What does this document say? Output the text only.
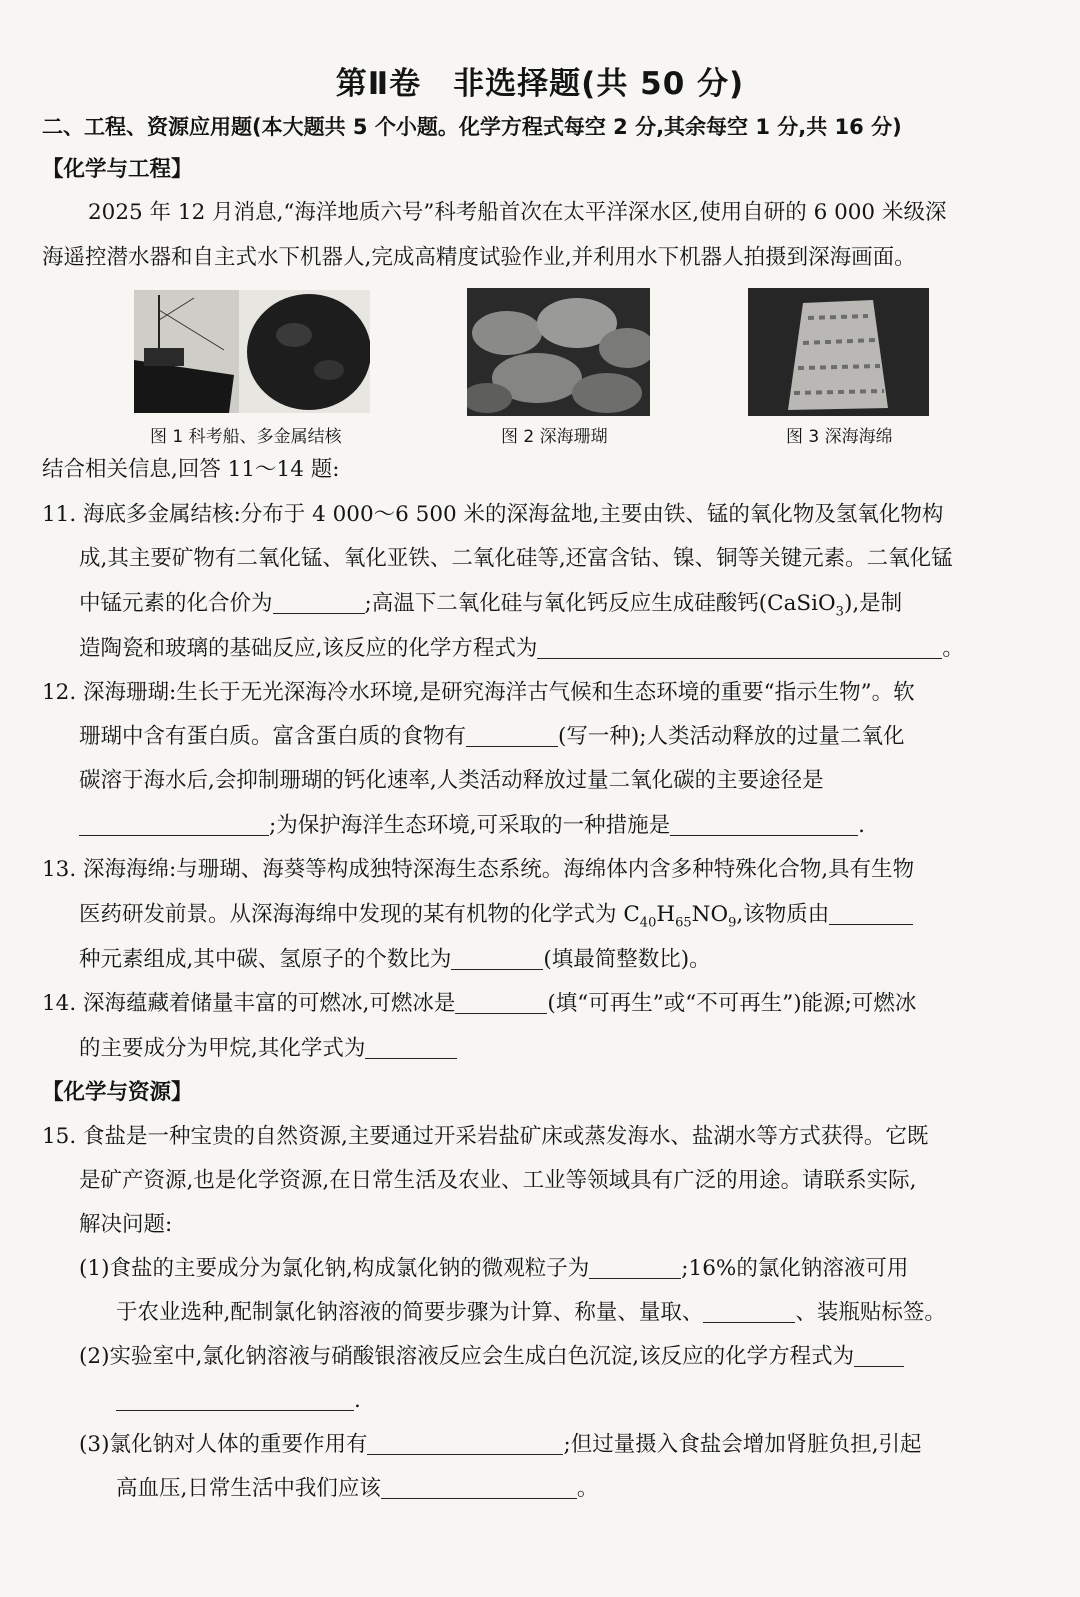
第Ⅱ卷　非选择题(共 50 分)
二、工程、资源应用题(本大题共 5 个小题。化学方程式每空 2 分,其余每空 1 分,共 16 分)
【化学与工程】
2025 年 12 月消息,“海洋地质六号”科考船首次在太平洋深水区,使用自研的 6 000 米级深
海遥控潜水器和自主式水下机器人,完成高精度试验作业,并利用水下机器人拍摄到深海画面。
图 1 科考船、多金属结核	图 2 深海珊瑚	图 3 深海海绵
结合相关信息,回答 11～14 题:
11. 海底多金属结核:分布于 4 000～6 500 米的深海盆地,主要由铁、锰的氧化物及氢氧化物构
成,其主要矿物有二氧化锰、氧化亚铁、二氧化硅等,还富含钴、镍、铜等关键元素。二氧化锰
中锰元素的化合价为	;高温下二氧化硅与氧化钙反应生成硅酸钙(CaSiO$_3$),是制
造陶瓷和玻璃的基础反应,该反应的化学方程式为	。
12. 深海珊瑚:生长于无光深海冷水环境,是研究海洋古气候和生态环境的重要“指示生物”。软
珊瑚中含有蛋白质。富含蛋白质的食物有	(写一种);人类活动释放的过量二氧化
碳溶于海水后,会抑制珊瑚的钙化速率,人类活动释放过量二氧化碳的主要途径是
;为保护海洋生态环境,可采取的一种措施是	.
13. 深海海绵:与珊瑚、海葵等构成独特深海生态系统。海绵体内含多种特殊化合物,具有生物
医药研发前景。从深海海绵中发现的某有机物的化学式为 $C_{40}H_{65}NO_9$,该物质由
种元素组成,其中碳、氢原子的个数比为	(填最简整数比)。
14. 深海蕴藏着储量丰富的可燃冰,可燃冰是	(填“可再生”或“不可再生”)能源;可燃冰
的主要成分为甲烷,其化学式为
【化学与资源】
15. 食盐是一种宝贵的自然资源,主要通过开采岩盐矿床或蒸发海水、盐湖水等方式获得。它既
是矿产资源,也是化学资源,在日常生活及农业、工业等领域具有广泛的用途。请联系实际,
解决问题:
(1)食盐的主要成分为氯化钠,构成氯化钠的微观粒子为	;16%的氯化钠溶液可用
于农业选种,配制氯化钠溶液的简要步骤为计算、称量、量取、	、装瓶贴标签。
(2)实验室中,氯化钠溶液与硝酸银溶液反应会生成白色沉淀,该反应的化学方程式为
.
(3)氯化钠对人体的重要作用有	;但过量摄入食盐会增加肾脏负担,引起
高血压,日常生活中我们应该	。
